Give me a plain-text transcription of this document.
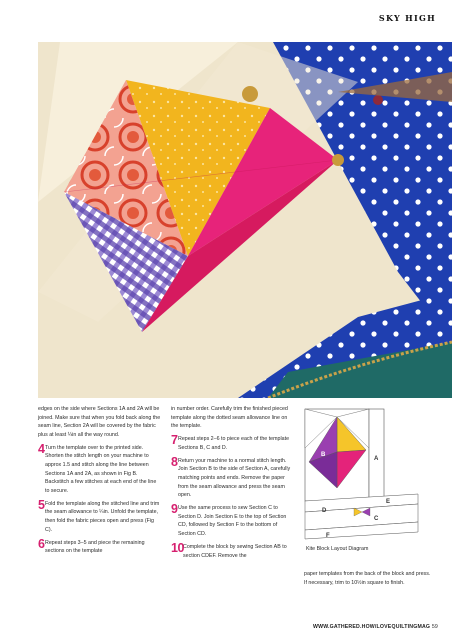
SKY HIGH

edges on the side where Sections 1A and 2A will be joined. Make sure that when you fold back along the seam line, Section 2A will be covered by the fabric plus at least ¼in all the way round.

4 Turn the template over to the printed side. Shorten the stitch length on your machine to approx 1.5 and stitch along the line between Sections 1A and 2A, as shown in Fig B. Backstitch a few stitches at each end of the line to secure.

5 Fold the template along the stitched line and trim the seam allowance to ¼in. Unfold the template, then fold the fabric pieces open and press (Fig C).

6 Repeat steps 3–5 and piece the remaining sections on the template

in number order. Carefully trim the finished pieced template along the dotted seam allowance line on the template.

7 Repeat steps 2–6 to piece each of the template Sections B, C and D.

8 Return your machine to a normal stitch length. Join Section B to the side of Section A, carefully matching points and ends. Remove the paper from the seam allowance and press the seam open.

9 Use the same process to sew Section C to Section D. Join Section E to the top of Section CD, followed by Section F to the bottom of Section CD.

10
Complete the block by sewing Section AB to section CDEF. Remove the

B
A
D
E
C
F
Kite Block Layout Diagram

paper templates from the back of the block and press. If necessary, trim to 10½in square to finish.

WWW.GATHERED.HOW/LOVEQUILTINGMAG 59
